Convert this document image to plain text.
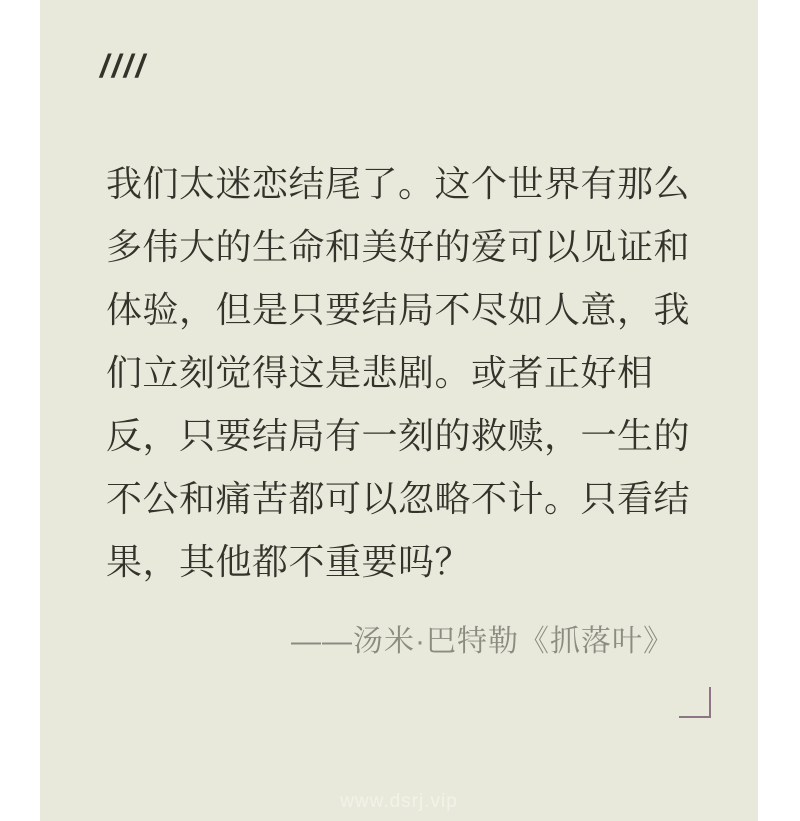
////
我们太迷恋结尾了。这个世界有那么
多伟大的生命和美好的爱可以见证和
体验，但是只要结局不尽如人意，我
们立刻觉得这是悲剧。或者正好相
反，只要结局有一刻的救赎，一生的
不公和痛苦都可以忽略不计。只看结
果，其他都不重要吗？
——汤米·巴特勒《抓落叶》
www.dsrj.vip
